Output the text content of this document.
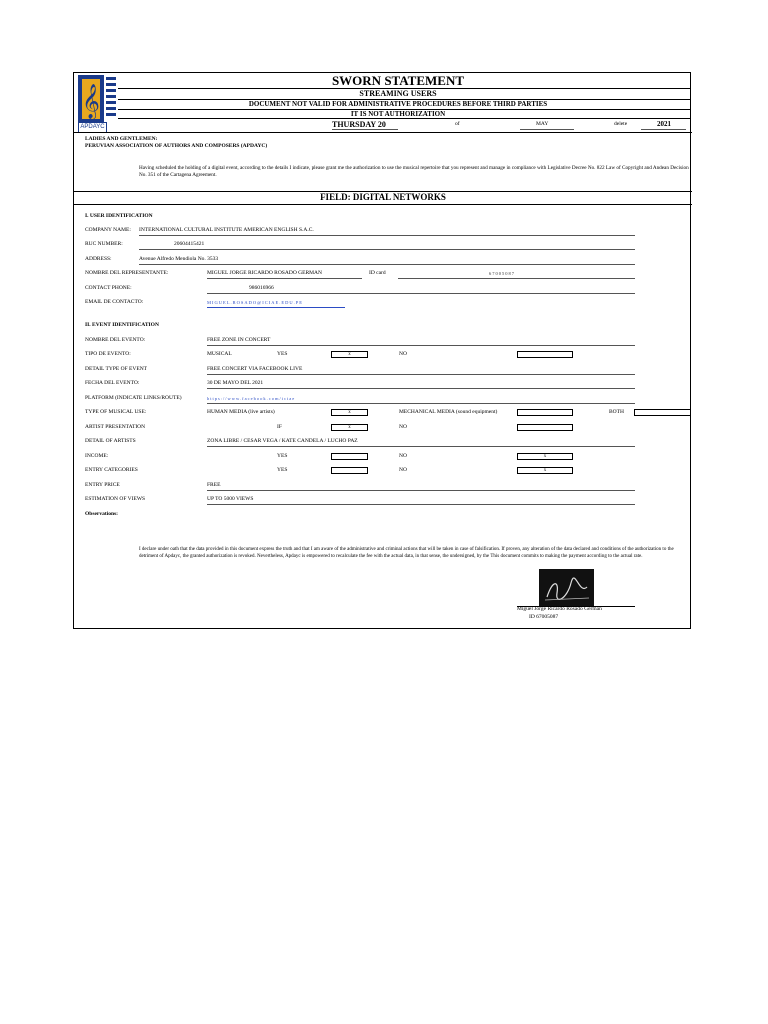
𝄞
APDAYC
SWORN STATEMENT
STREAMING USERS
DOCUMENT NOT VALID FOR ADMINISTRATIVE PROCEDURES BEFORE THIRD PARTIES
IT IS NOT AUTHORIZATION
THURSDAY 20	of	MAY	delete	2021
LADIES AND GENTLEMEN:
PERUVIAN ASSOCIATION OF AUTHORS AND COMPOSERS (APDAYC)
Having scheduled the holding of a digital event, according to the details I indicate, please grant me the authorization to use the musical repertoire that you represent and manage in compliance with Legislative Decree No. 822 Law of Copyright and Andean Decision No. 351 of the Cartagena Agreement.
FIELD: DIGITAL NETWORKS
I. USER IDENTIFICATION
COMPANY NAME: INTERNATIONAL CULTURAL INSTITUTE AMERICAN ENGLISH S.A.C.
RUC NUMBER:	20604415421
ADDRESS:	Avenue Alfredo Mendiola No. 3533
NOMBRE DEL REPRESENTANTE:	MIGUEL JORGE RICARDO ROSADO GERMAN	ID card	67005087
CONTACT PHONE:	986016966
EMAIL DE CONTACTO:	MIGUEL.ROSADO@ICIAE.EDU.PE
II. EVENT IDENTIFICATION
NOMBRE DEL EVENTO:	FREE ZONE IN CONCERT
TIPO DE EVENTO:	MUSICAL	YES	x	NO
DETAIL TYPE OF EVENT	FREE CONCERT VIA FACEBOOK LIVE
FECHA DEL EVENTO:	30 DE MAYO DEL 2021
PLATFORM (INDICATE LINKS/ROUTE)	https://www.facebook.com/iciae
TYPE OF MUSICAL USE:	HUMAN MEDIA (live artists)	x	MECHANICAL MEDIA (sound equipment)	BOTH
ARTIST PRESENTATION	IF	x	NO
DETAIL OF ARTISTS	ZONA LIBRE / CESAR VEGA / KATE CANDELA / LUCHO PAZ
INCOME:	YES	NO	x
ENTRY CATEGORIES	YES	NO	x
ENTRY PRICE	FREE
ESTIMATION OF VIEWS	UP TO 5000 VIEWS
Observations:
I declare under oath that the data provided in this document express the truth and that I am aware of the administrative and criminal actions that will be taken in case of falsification. If proven, any alteration of the data declared and conditions of the authorization to the detriment of Apdayc, the granted authorization is revoked. Nevertheless, Apdayc is empowered to recalculate the fee with the actual data, in that sense, the undersigned, by the This document commits to making the payment according to the actual rate.
Miguel Jorge Ricardo Rosado German
ID 67005087
